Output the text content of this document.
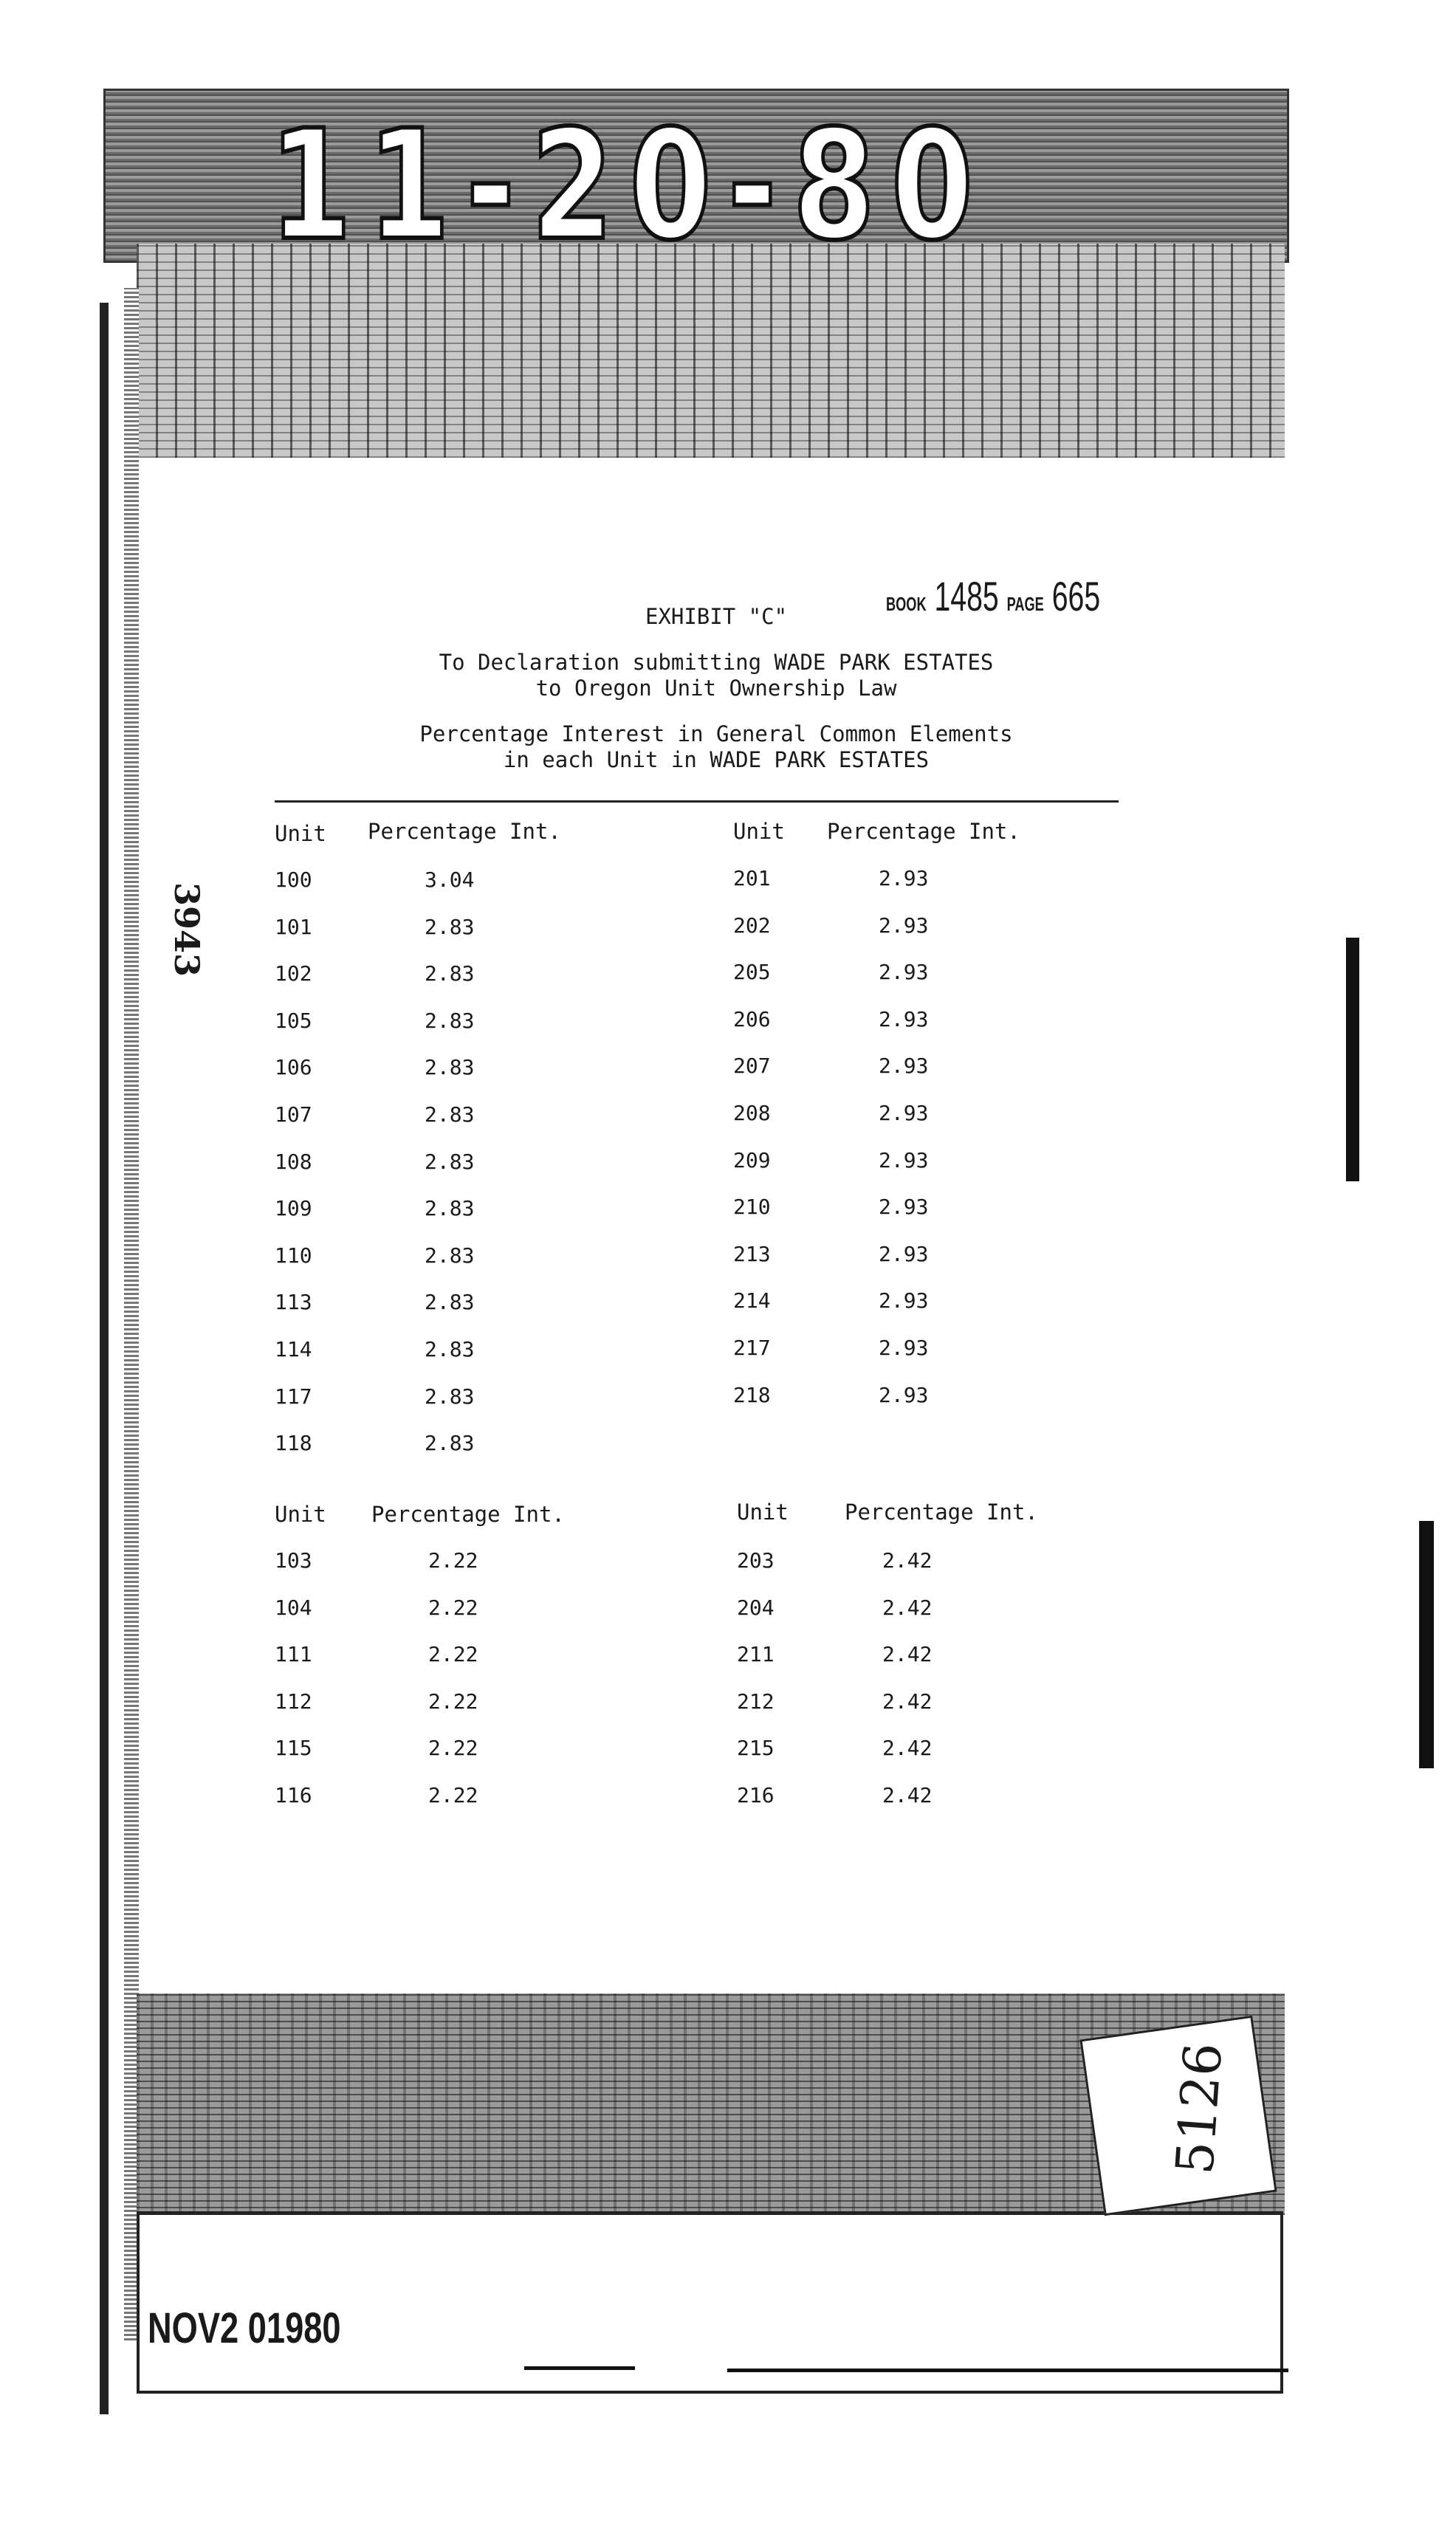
11-20-80
BOOK 1485 PAGE 665
EXHIBIT "C"
To Declaration submitting WADE PARK ESTATES
to Oregon Unit Ownership Law
Percentage Interest in General Common Elements
in each Unit in WADE PARK ESTATES
3943
Unit Percentage Int.	Unit Percentage Int.
100	3.04
101	2.83
102	2.83
105	2.83
106	2.83
107	2.83
108	2.83
109	2.83
110	2.83
113	2.83
114	2.83
117	2.83
118	2.83
201	2.93
202	2.93
205	2.93
206	2.93
207	2.93
208	2.93
209	2.93
210	2.93
213	2.93
214	2.93
217	2.93
218	2.93
Unit Percentage Int.	Unit	Percentage Int.
103	2.22
104	2.22
111	2.22
112	2.22
115	2.22
116	2.22
203	2.42
204	2.42
211	2.42
212	2.42
215	2.42
216	2.42
5126
NOV2 01980
